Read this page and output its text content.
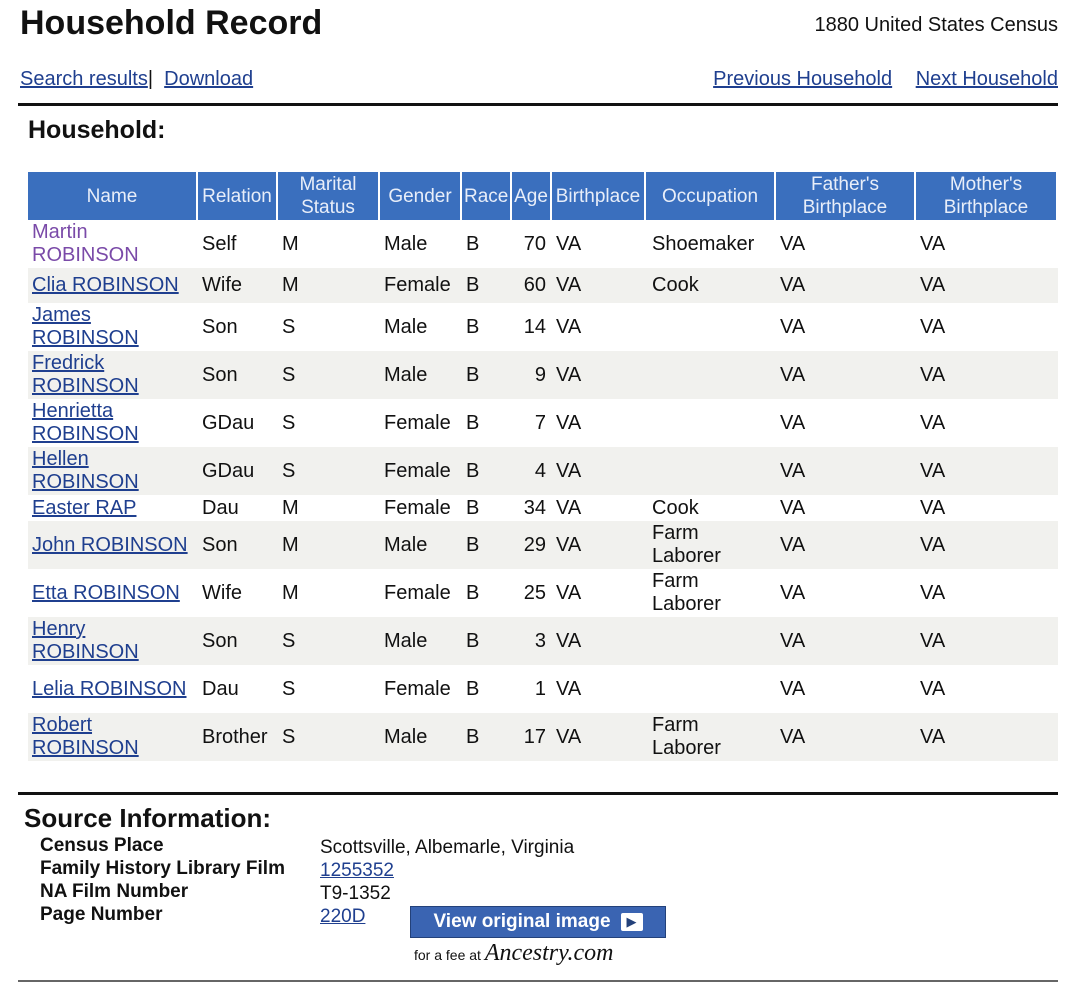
Household Record	1880 United States Census
Search results| Download	Previous Household Next Household
Household:
Name	Relation	Marital Status	Gender	Race	Age	Birthplace	Occupation	Father's Birthplace	Mother's Birthplace
Martin ROBINSON	Self	M	Male	B	70	VA	Shoemaker	VA	VA
Clia ROBINSON	Wife	M	Female	B	60	VA	Cook	VA	VA
James ROBINSON	Son	S	Male	B	14	VA		VA	VA
Fredrick ROBINSON	Son	S	Male	B	9	VA		VA	VA
Henrietta ROBINSON	GDau	S	Female	B	7	VA		VA	VA
Hellen ROBINSON	GDau	S	Female	B	4	VA		VA	VA
Easter RAP	Dau	M	Female	B	34	VA	Cook	VA	VA
John ROBINSON	Son	M	Male	B	29	VA	Farm Laborer	VA	VA
Etta ROBINSON	Wife	M	Female	B	25	VA	Farm Laborer	VA	VA
Henry ROBINSON	Son	S	Male	B	3	VA		VA	VA
Lelia ROBINSON	Dau	S	Female	B	1	VA		VA	VA
Robert ROBINSON	Brother	S	Male	B	17	VA	Farm Laborer	VA	VA
Source Information:
Census Place	Scottsville, Albemarle, Virginia
Family History Library Film 1255352
NA Film Number	T9-1352
Page Number	220D	View original image	▶
for a fee at Ancestry.com
